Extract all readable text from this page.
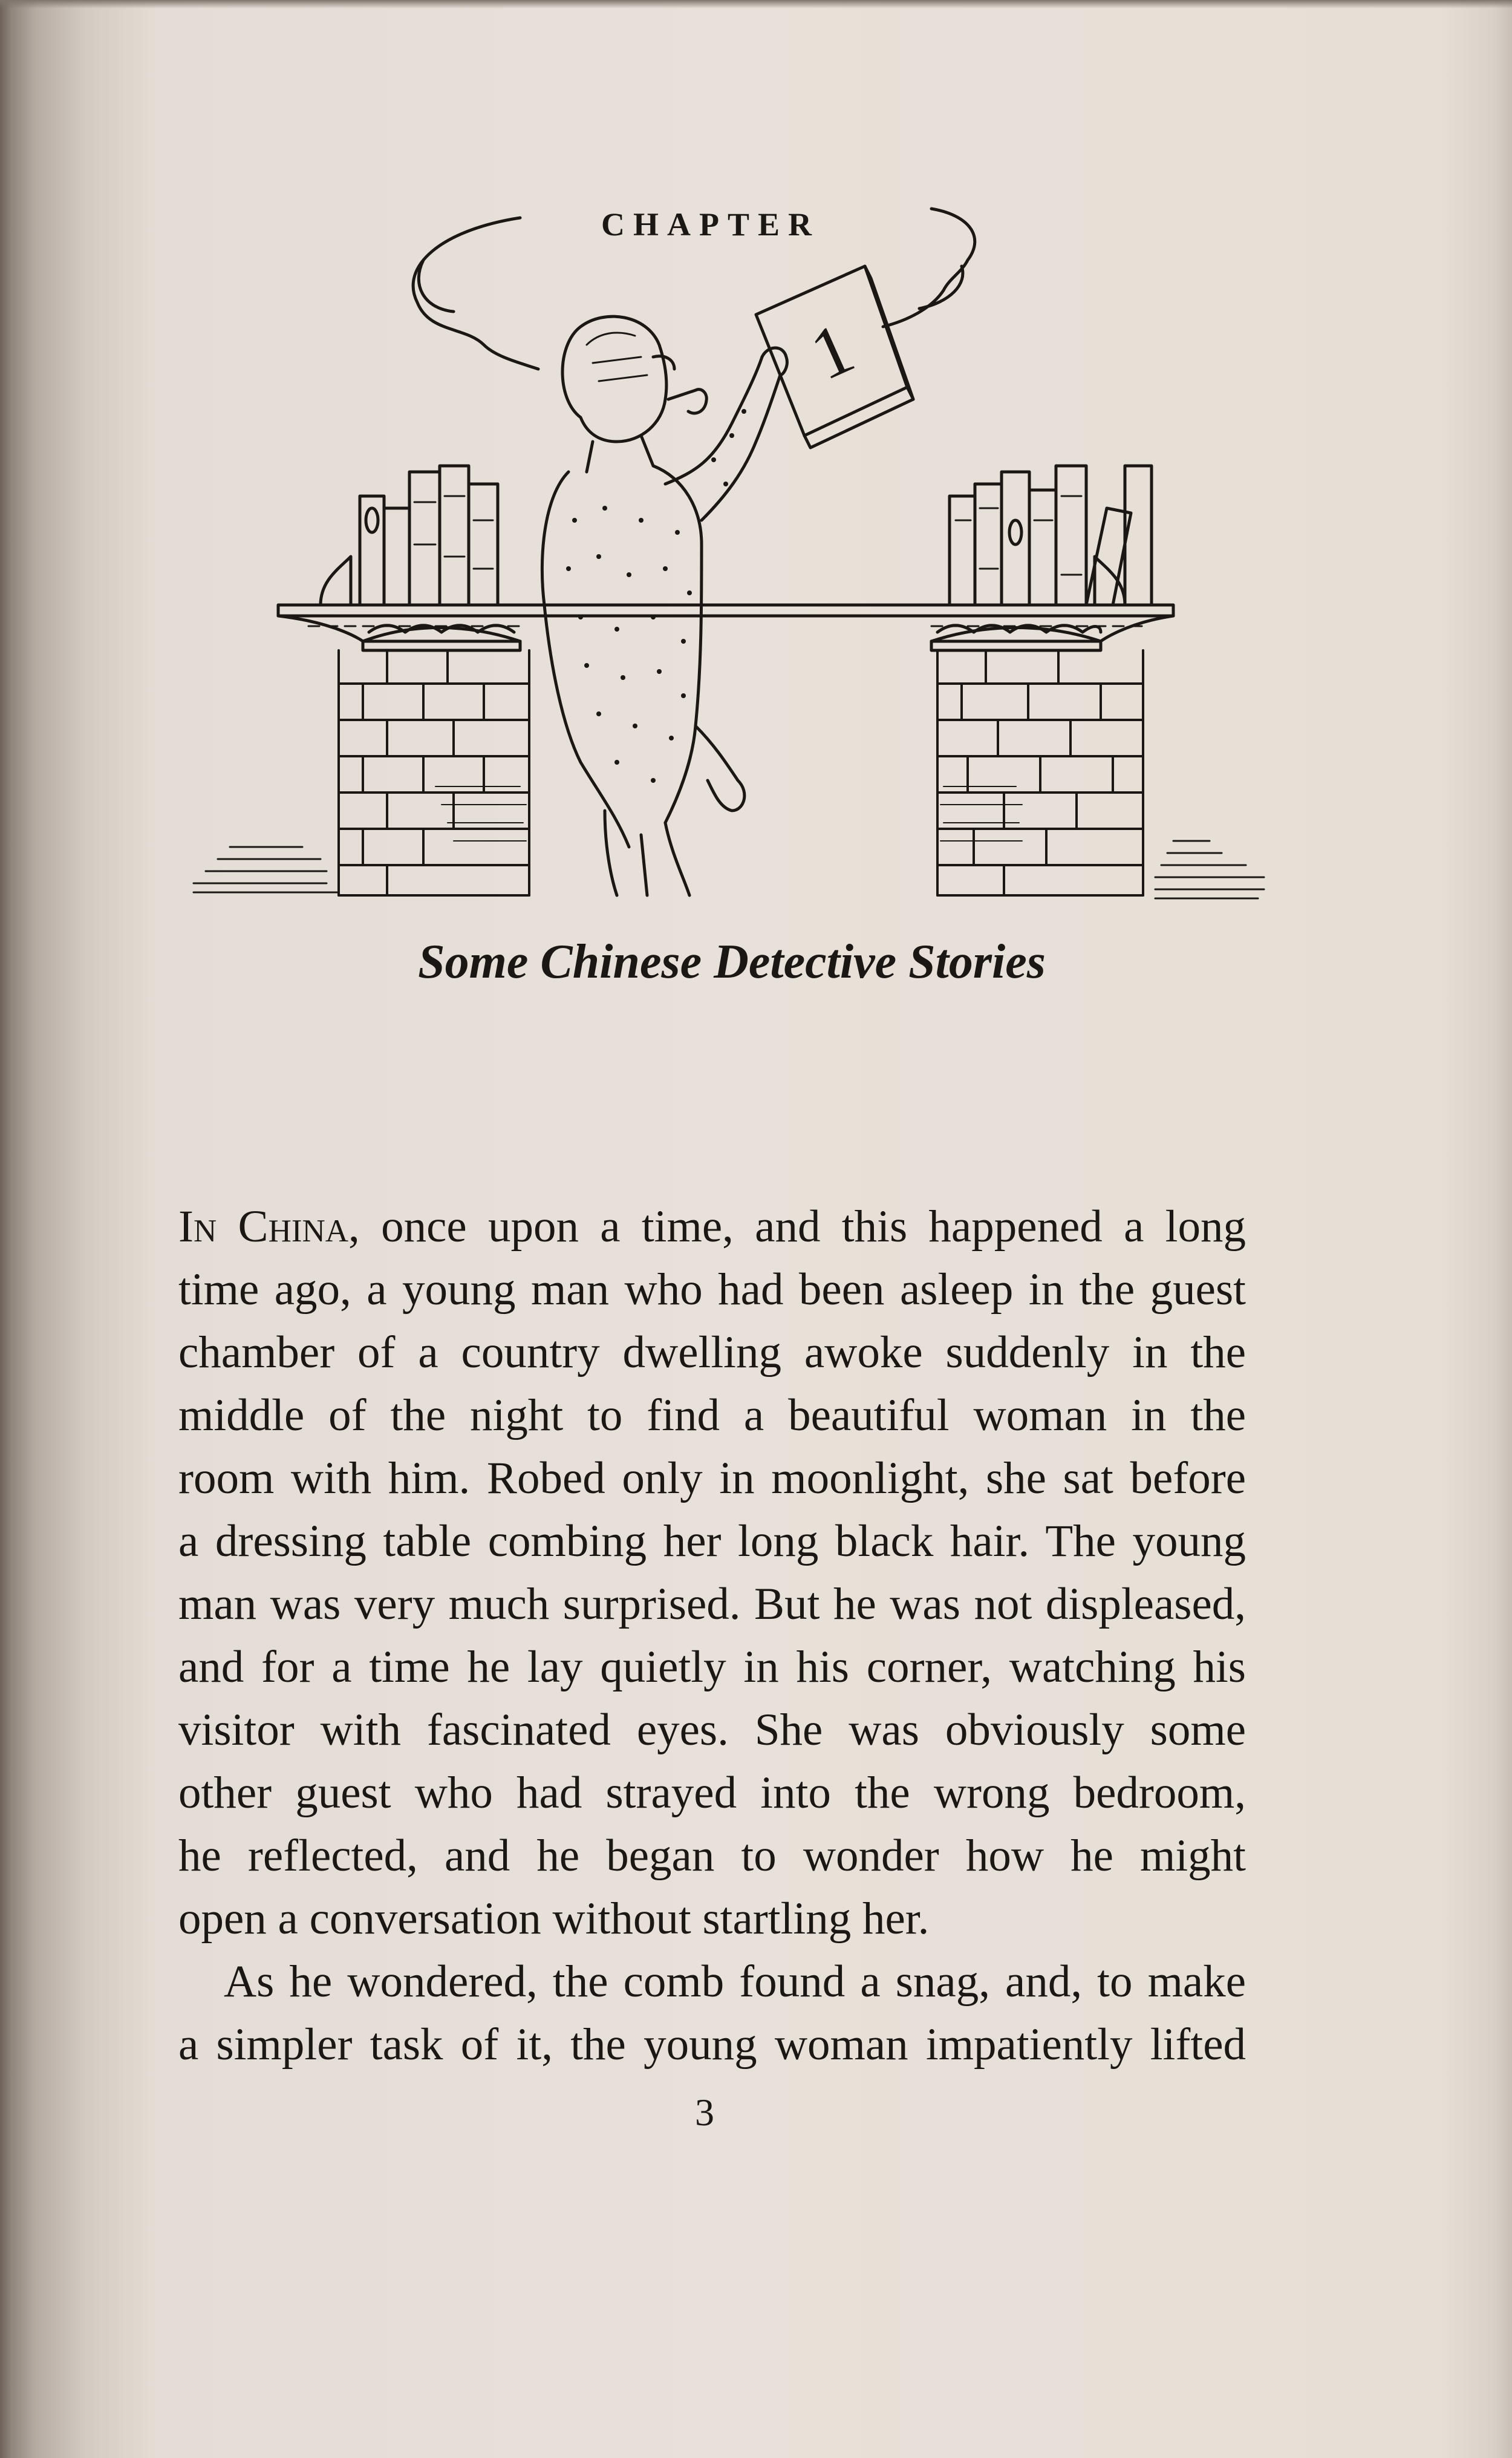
CHAPTER
1
Some Chinese Detective Stories
In China, once upon a time, and this happened a long
time ago, a young man who had been asleep in the guest
chamber of a country dwelling awoke suddenly in the
middle of the night to find a beautiful woman in the
room with him. Robed only in moonlight, she sat before
a dressing table combing her long black hair. The young
man was very much surprised. But he was not displeased,
and for a time he lay quietly in his corner, watching his
visitor with fascinated eyes. She was obviously some
other guest who had strayed into the wrong bedroom,
he reflected, and he began to wonder how he might
open a conversation without startling her.
As he wondered, the comb found a snag, and, to make
a simpler task of it, the young woman impatiently lifted
3
